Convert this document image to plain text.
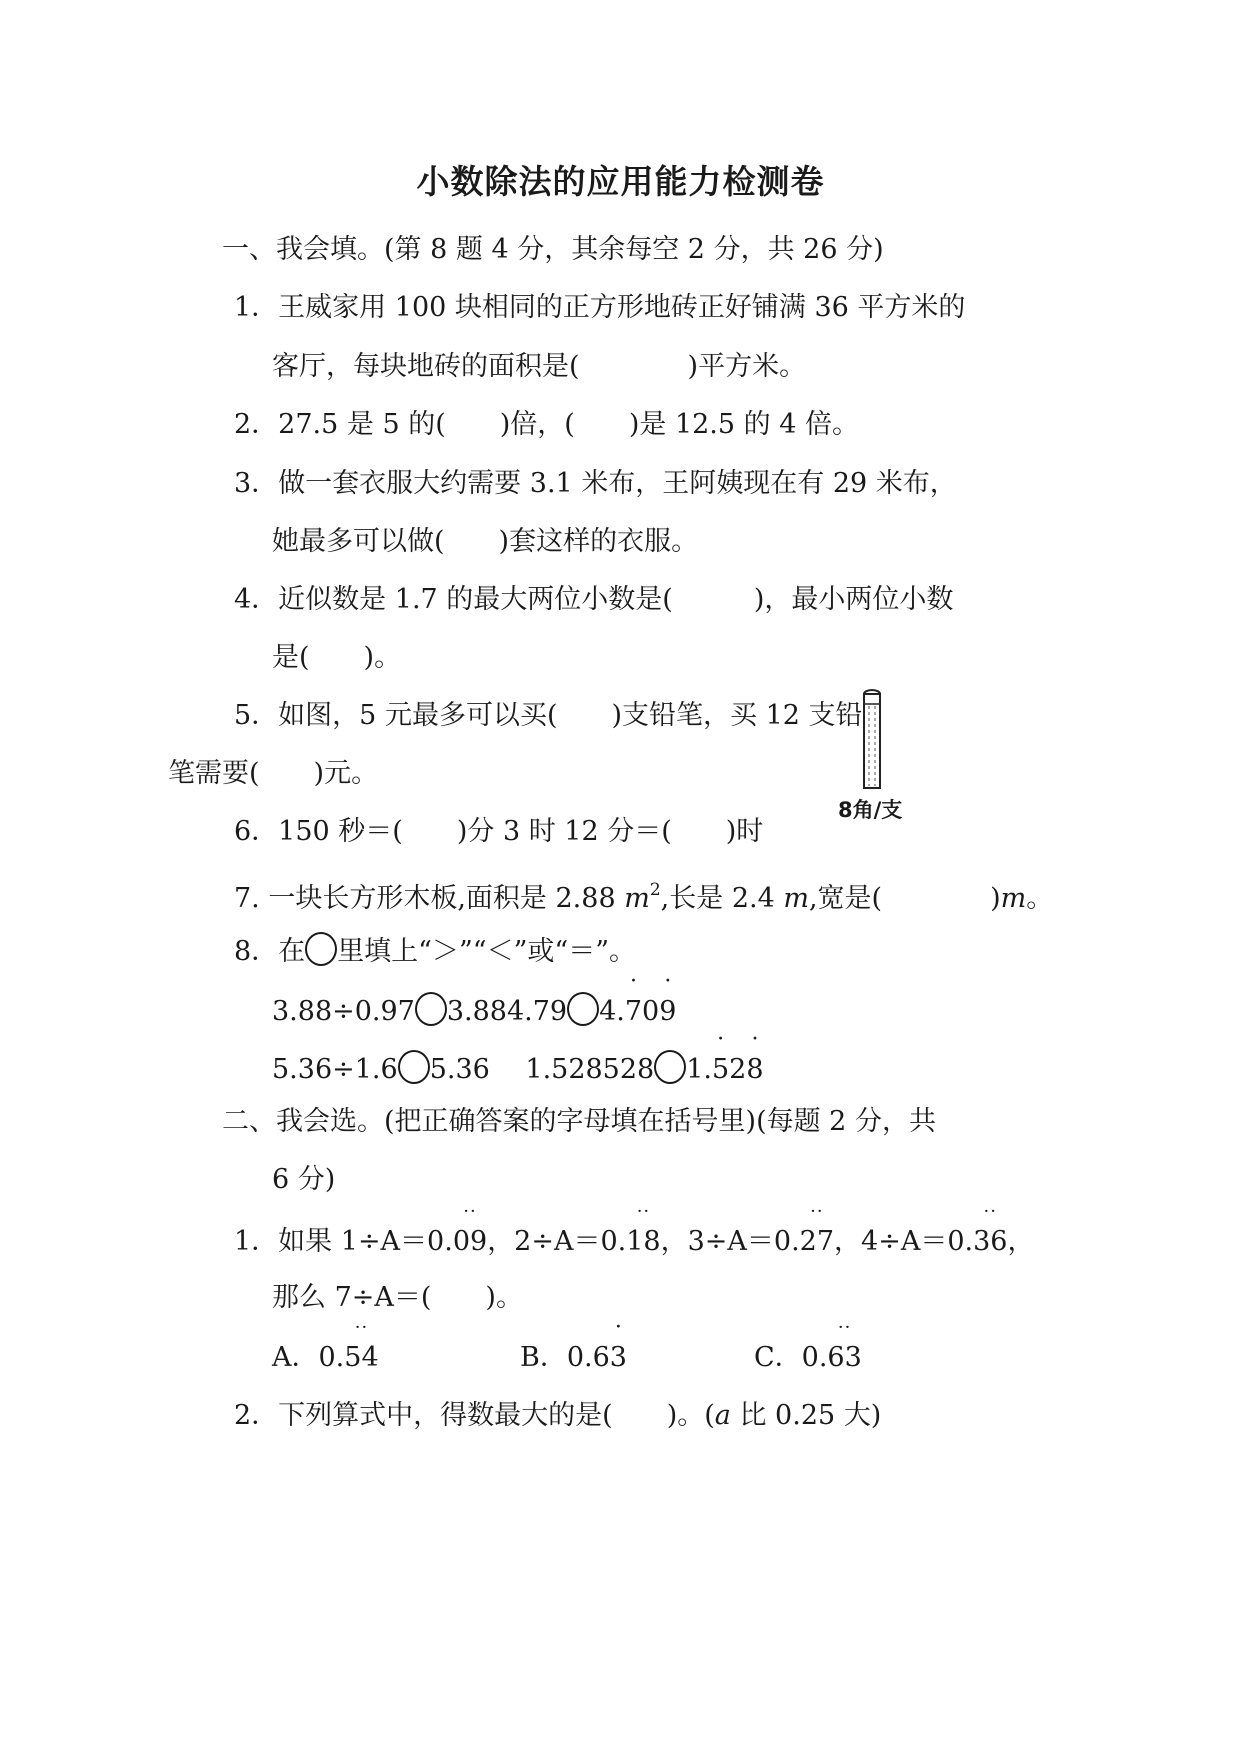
小数除法的应用能力检测卷
一、我会填。(第 8 题 4 分，其余每空 2 分，共 26 分)
1．王威家用 100 块相同的正方形地砖正好铺满 36 平方米的
客厅，每块地砖的面积是(　　　　)平方米。
2．27.5 是 5 的(　　)倍，(　　)是 12.5 的 4 倍。
3．做一套衣服大约需要 3.1 米布，王阿姨现在有 29 米布，
她最多可以做(　　)套这样的衣服。
4．近似数是 1.7 的最大两位小数是(　　　)，最小两位小数
是(　　)。
5．如图，5 元最多可以买(　　)支铅笔，买 12 支铅
笔需要(　　)元。
8角/支
6．150 秒＝(　　)分 3 时 12 分＝(　　)时
7. 一块长方形木板,面积是 2.88 $m^2$,长是 2.4 m,宽是(　　　　)m。
8．在 里填上“＞”“＜”或“＝”。
3.88÷0.97 3.884.79 4.· 70· 9
5.36÷1.6 5.36　 1.528528 1.· 52· 8
二、我会选。(把正确答案的字母填在括号里)(每题 2 分，共
6 分)
1．如果 1÷A＝0.·· 09，2÷A＝0.·· 18，3÷A＝0.·· 27，4÷A＝0.·· 36，
那么 7÷A＝(　　)。
A．0.·· 54	B．0.6· 3	C．0.·· 63
2．下列算式中，得数最大的是(　　)。(a 比 0.25 大)
